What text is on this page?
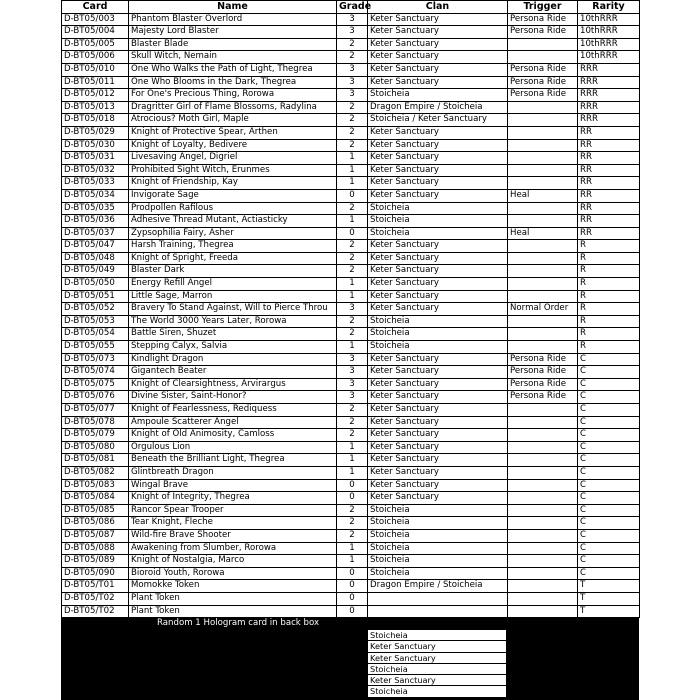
Card	Name	Grade	Clan	Trigger	Rarity
D-BT05/003	Phantom Blaster Overlord	3	Keter Sanctuary	Persona Ride	10thRRR
D-BT05/004	Majesty Lord Blaster	3	Keter Sanctuary	Persona Ride	10thRRR
D-BT05/005	Blaster Blade	2	Keter Sanctuary		10thRRR
D-BT05/006	Skull Witch, Nemain	2	Keter Sanctuary		10thRRR
D-BT05/010	One Who Walks the Path of Light, Thegrea	3	Keter Sanctuary	Persona Ride	RRR
D-BT05/011	One Who Blooms in the Dark, Thegrea	3	Keter Sanctuary	Persona Ride	RRR
D-BT05/012	For One's Precious Thing, Rorowa	3	Stoicheia	Persona Ride	RRR
D-BT05/013	Dragritter Girl of Flame Blossoms, Radylina	2	Dragon Empire / Stoicheia		RRR
D-BT05/018	Atrocious? Moth Girl, Maple	2	Stoicheia / Keter Sanctuary		RRR
D-BT05/029	Knight of Protective Spear, Arthen	2	Keter Sanctuary		RR
D-BT05/030	Knight of Loyalty, Bedivere	2	Keter Sanctuary		RR
D-BT05/031	Livesaving Angel, Digriel	1	Keter Sanctuary		RR
D-BT05/032	Prohibited Sight Witch, Erunmes	1	Keter Sanctuary		RR
D-BT05/033	Knight of Friendship, Kay	1	Keter Sanctuary		RR
D-BT05/034	Invigorate Sage	0	Keter Sanctuary	Heal	RR
D-BT05/035	Prodpollen Rafilous	2	Stoicheia		RR
D-BT05/036	Adhesive Thread Mutant, Actiasticky	1	Stoicheia		RR
D-BT05/037	Zypsophilia Fairy, Asher	0	Stoicheia	Heal	RR
D-BT05/047	Harsh Training, Thegrea	2	Keter Sanctuary		R
D-BT05/048	Knight of Spright, Freeda	2	Keter Sanctuary		R
D-BT05/049	Blaster Dark	2	Keter Sanctuary		R
D-BT05/050	Energy Refill Angel	1	Keter Sanctuary		R
D-BT05/051	Little Sage, Marron	1	Keter Sanctuary		R
D-BT05/052	Bravery To Stand Against, Will to Pierce Throu	3	Keter Sanctuary	Normal Order	R
D-BT05/053	The World 3000 Years Later, Rorowa	2	Stoicheia		R
D-BT05/054	Battle Siren, Shuzet	2	Stoicheia		R
D-BT05/055	Stepping Calyx, Salvia	1	Stoicheia		R
D-BT05/073	Kindlight Dragon	3	Keter Sanctuary	Persona Ride	C
D-BT05/074	Gigantech Beater	3	Keter Sanctuary	Persona Ride	C
D-BT05/075	Knight of Clearsightness, Arvirargus	3	Keter Sanctuary	Persona Ride	C
D-BT05/076	Divine Sister, Saint-Honor?	3	Keter Sanctuary	Persona Ride	C
D-BT05/077	Knight of Fearlessness, Rediquess	2	Keter Sanctuary		C
D-BT05/078	Ampoule Scatterer Angel	2	Keter Sanctuary		C
D-BT05/079	Knight of Old Animosity, Camloss	2	Keter Sanctuary		C
D-BT05/080	Orgulous Lion	1	Keter Sanctuary		C
D-BT05/081	Beneath the Brilliant Light, Thegrea	1	Keter Sanctuary		C
D-BT05/082	Glintbreath Dragon	1	Keter Sanctuary		C
D-BT05/083	Wingal Brave	0	Keter Sanctuary		C
D-BT05/084	Knight of Integrity, Thegrea	0	Keter Sanctuary		C
D-BT05/085	Rancor Spear Trooper	2	Stoicheia		C
D-BT05/086	Tear Knight, Fleche	2	Stoicheia		C
D-BT05/087	Wild-fire Brave Shooter	2	Stoicheia		C
D-BT05/088	Awakening from Slumber, Rorowa	1	Stoicheia		C
D-BT05/089	Knight of Nostalgia, Marco	1	Stoicheia		C
D-BT05/090	Bioroid Youth, Rorowa	0	Stoicheia		C
D-BT05/T01	Momokke Token	0	Dragon Empire / Stoicheia		T
D-BT05/T02	Plant Token	0			T
D-BT05/T02	Plant Token	0			T
Random 1 Hologram card in back box
Stoicheia
Keter Sanctuary
Keter Sanctuary
Stoicheia
Keter Sanctuary
Stoicheia
